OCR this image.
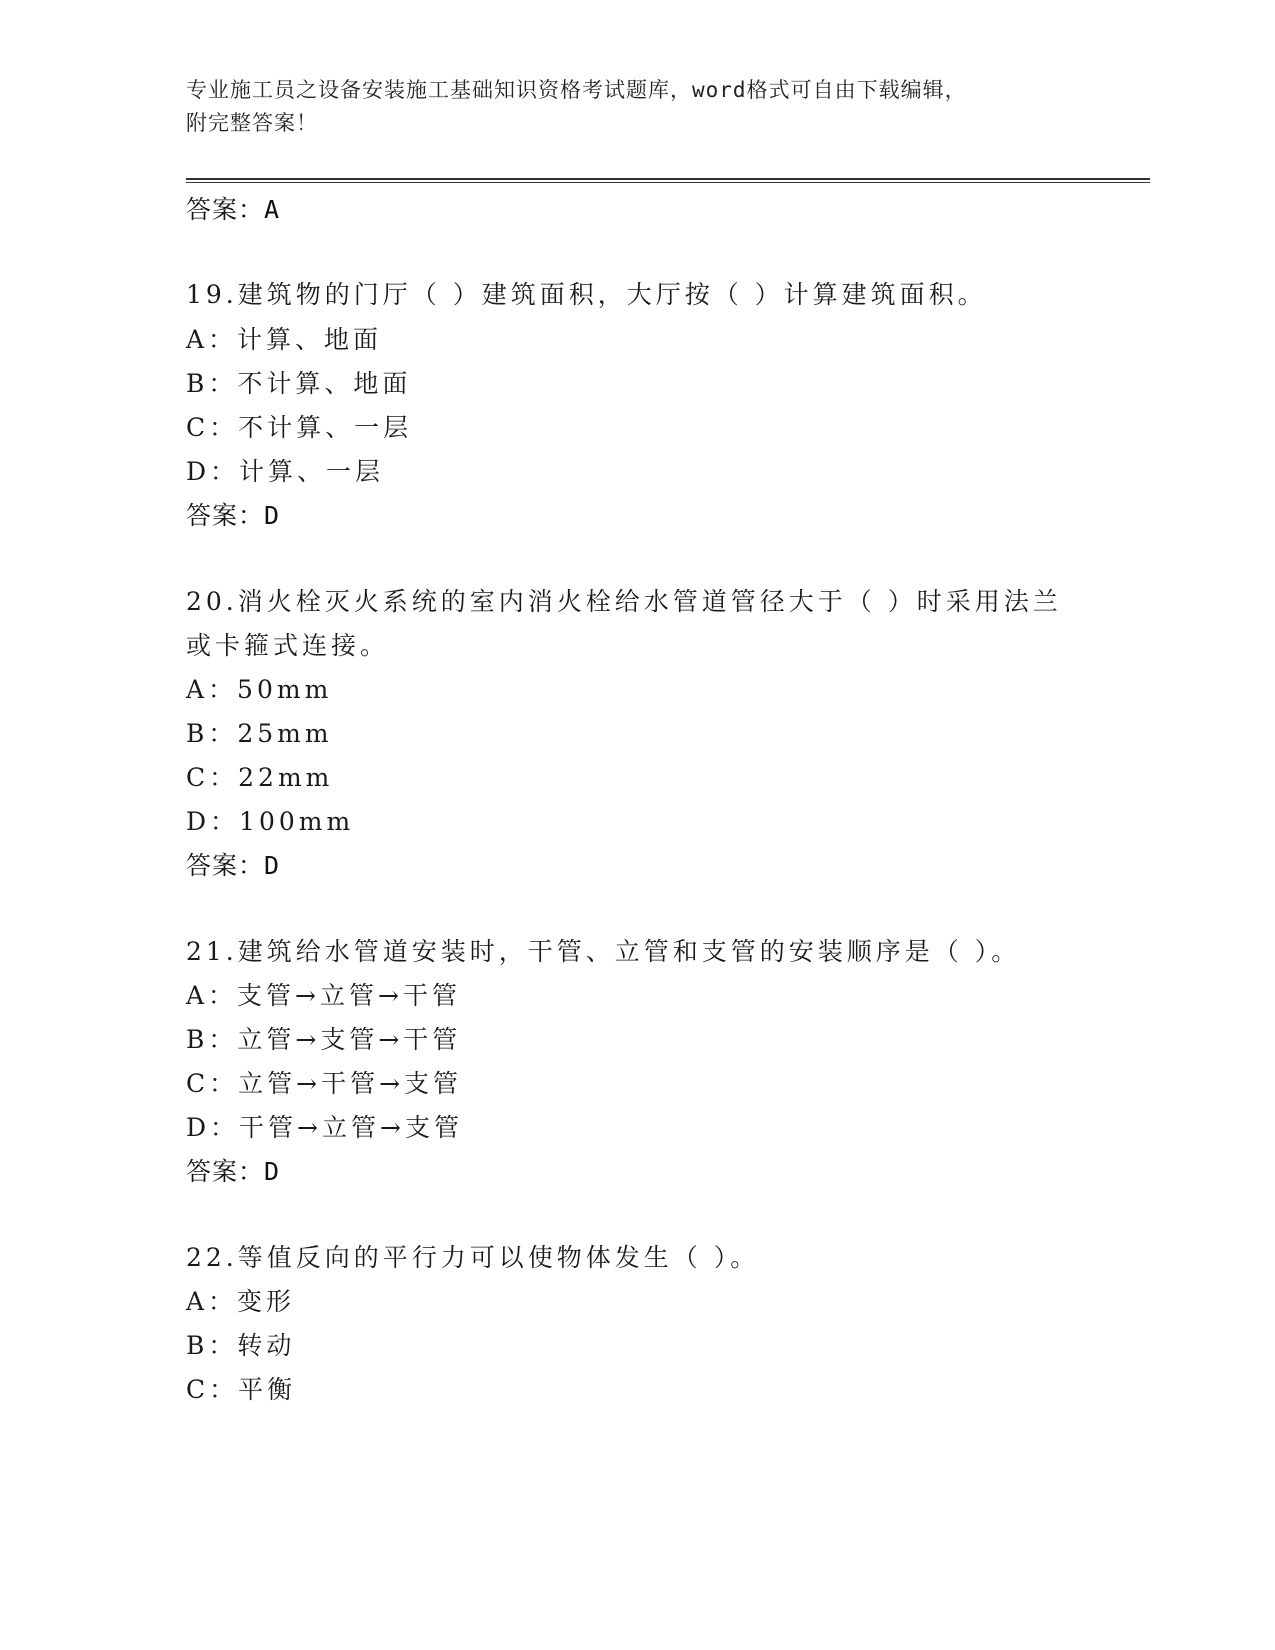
专业施工员之设备安装施工基础知识资格考试题库，word格式可自由下载编辑，
附完整答案！
答案：A
19.建筑物的门厅（ ）建筑面积，大厅按（ ）计算建筑面积。
A：计算、地面
B：不计算、地面
C：不计算、一层
D：计算、一层
答案：D
20.消火栓灭火系统的室内消火栓给水管道管径大于（ ）时采用法兰
或卡箍式连接。
A：50mm
B：25mm
C：22mm
D：100mm
答案：D
21.建筑给水管道安装时，干管、立管和支管的安装顺序是（ ）。
A：支管→立管→干管
B：立管→支管→干管
C：立管→干管→支管
D：干管→立管→支管
答案：D
22.等值反向的平行力可以使物体发生（ ）。
A：变形
B：转动
C：平衡
